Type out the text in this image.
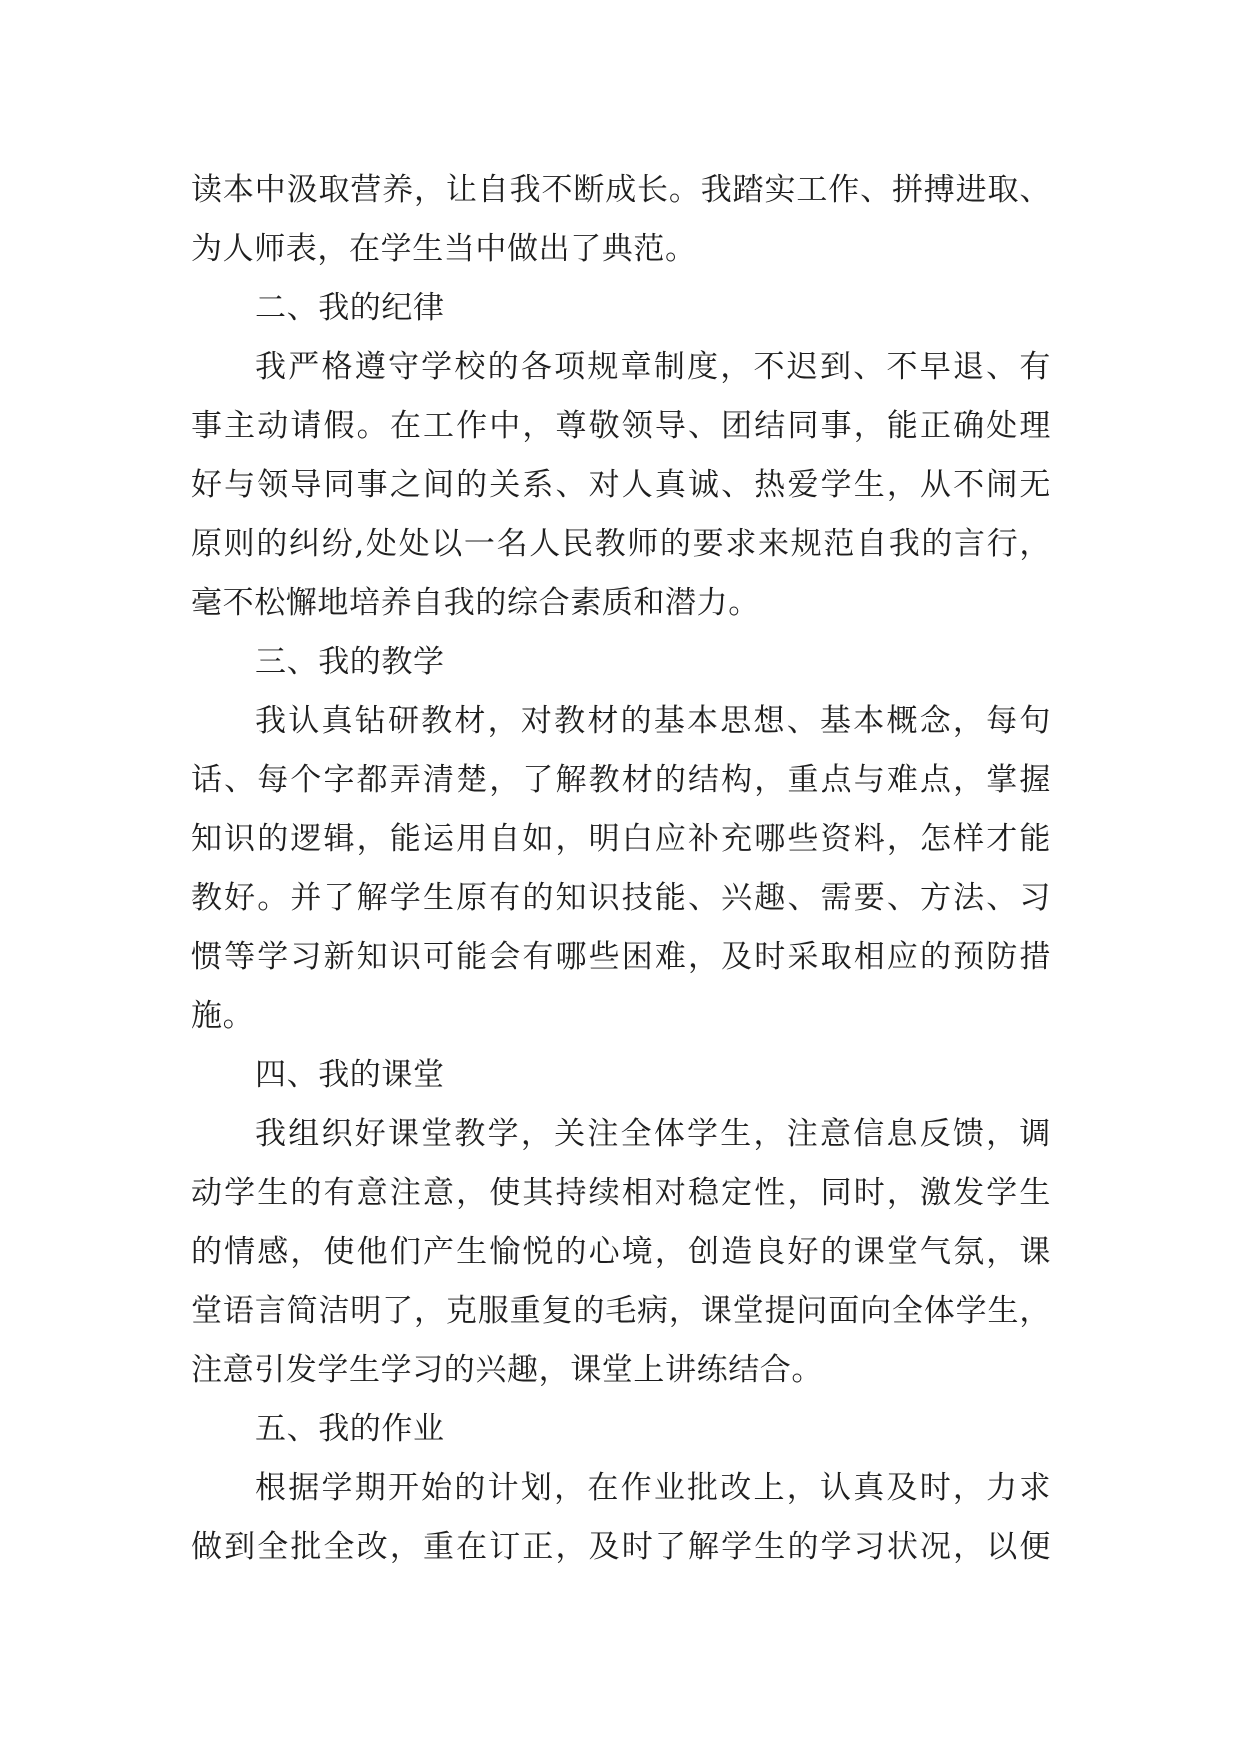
读本中汲取营养，让自我不断成长。我踏实工作、拼搏进取、
为人师表，在学生当中做出了典范。
二、我的纪律
我严格遵守学校的各项规章制度，不迟到、不早退、有
事主动请假。在工作中，尊敬领导、团结同事，能正确处理
好与领导同事之间的关系、对人真诚、热爱学生，从不闹无
原则的纠纷,处处以一名人民教师的要求来规范自我的言行，
毫不松懈地培养自我的综合素质和潜力。
三、我的教学
我认真钻研教材，对教材的基本思想、基本概念，每句
话、每个字都弄清楚，了解教材的结构，重点与难点，掌握
知识的逻辑，能运用自如，明白应补充哪些资料，怎样才能
教好。并了解学生原有的知识技能、兴趣、需要、方法、习
惯等学习新知识可能会有哪些困难，及时采取相应的预防措
施。
四、我的课堂
我组织好课堂教学，关注全体学生，注意信息反馈，调
动学生的有意注意，使其持续相对稳定性，同时，激发学生
的情感，使他们产生愉悦的心境，创造良好的课堂气氛，课
堂语言简洁明了，克服重复的毛病，课堂提问面向全体学生，
注意引发学生学习的兴趣，课堂上讲练结合。
五、我的作业
根据学期开始的计划，在作业批改上，认真及时，力求
做到全批全改，重在订正，及时了解学生的学习状况，以便
